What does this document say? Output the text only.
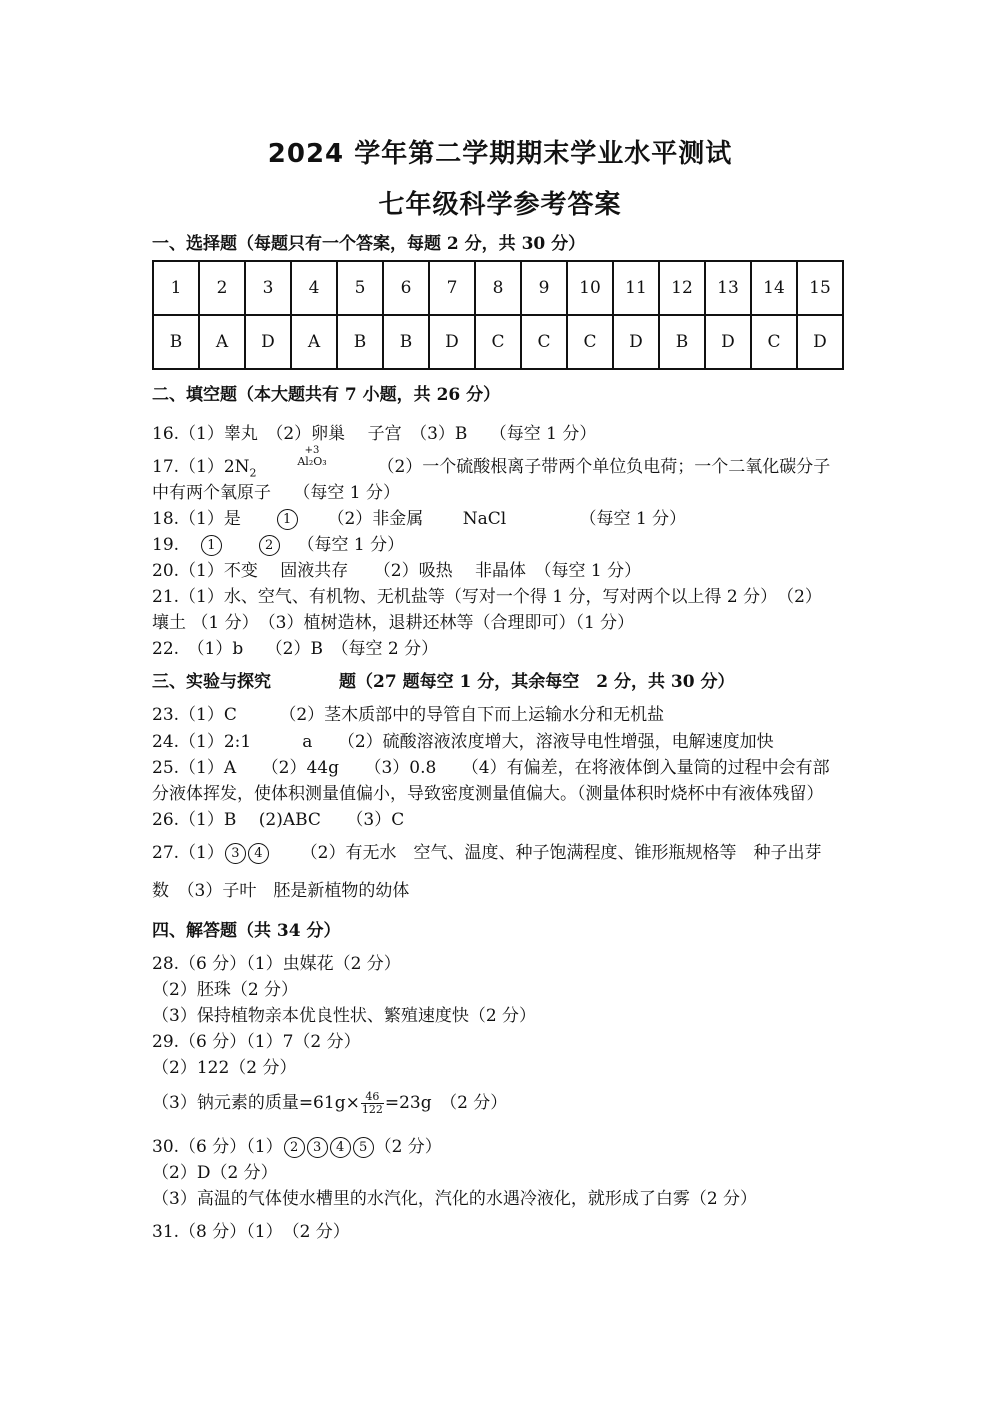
2024 学年第二学期期末学业水平测试
七年级科学参考答案
一、选择题（每题只有一个答案，每题 2 分，共 30 分）
1	2	3	4	5	6	7	8	9	10	11	12	13	14	15
B	A	D	A	B	B	D	C	C	C	D	B	D	C	D
二、填空题（本大题共有 7 小题，共 26 分）
16.（1）睾丸　（2）卵巢　 子宫　（3）B　 （每空 1 分）
$17.(1)2N_2$
+3
Al₂O₃	（2）一个硫酸根离子带两个单位负电荷；一个二氧化碳分子
中有两个氧原子　 （每空 1 分）
18.（1）是	1 （2）非金属　　 NaCl　　　　 （每空 1 分）
19. 1	2 （每空 1 分）
20.（1）不变　 固液共存　　（2）吸热　 非晶体　（每空 1 分）
21.（1）水、空气、有机物、无机盐等（写对一个得 1 分，写对两个以上得 2 分）　（2）
壤土 （1 分）　（3）植树造林，退耕还林等（合理即可）（1 分）
22.　（1）b　 （2）B　（每空 2 分）
三、实验与探究　　　　题（27 题每空 1 分，其余每空　2 分，共 30 分）
23.（1）C　　　（2）茎木质部中的导管自下而上运输水分和无机盐
24.（1）2:1　　　a　　（2）硫酸溶液浓度增大，溶液导电性增强，电解速度加快
25.（1）A　　（2）44g　　（3）0.8　　（4）有偏差，在将液体倒入量筒的过程中会有部
分液体挥发，使体积测量值偏小，导致密度测量值偏大。（测量体积时烧杯中有液体残留）
26.（1）B　 (2)ABC　　（3）C
27.（1） 3 4 （2）有无水　空气、温度、种子饱满程度、锥形瓶规格等　种子出芽
数　（3）子叶　胚是新植物的幼体
四、解答题（共 34 分）
28.（6 分）（1）虫媒花（2 分）
（2）胚珠（2 分）
（3）保持植物亲本优良性状、繁殖速度快（2 分）
29.（6 分）（1）7（2 分）
（2）122（2 分）
（3）钠元素的质量$=61g\times \frac{46}{122} =23g$　（2 分）
30.（6 分）（1） 2 3 4 5 （2 分）
（2）D（2 分）
（3）高温的气体使水槽里的水汽化，汽化的水遇冷液化，就形成了白雾（2 分）
31.（8 分）（1）　（2 分）
